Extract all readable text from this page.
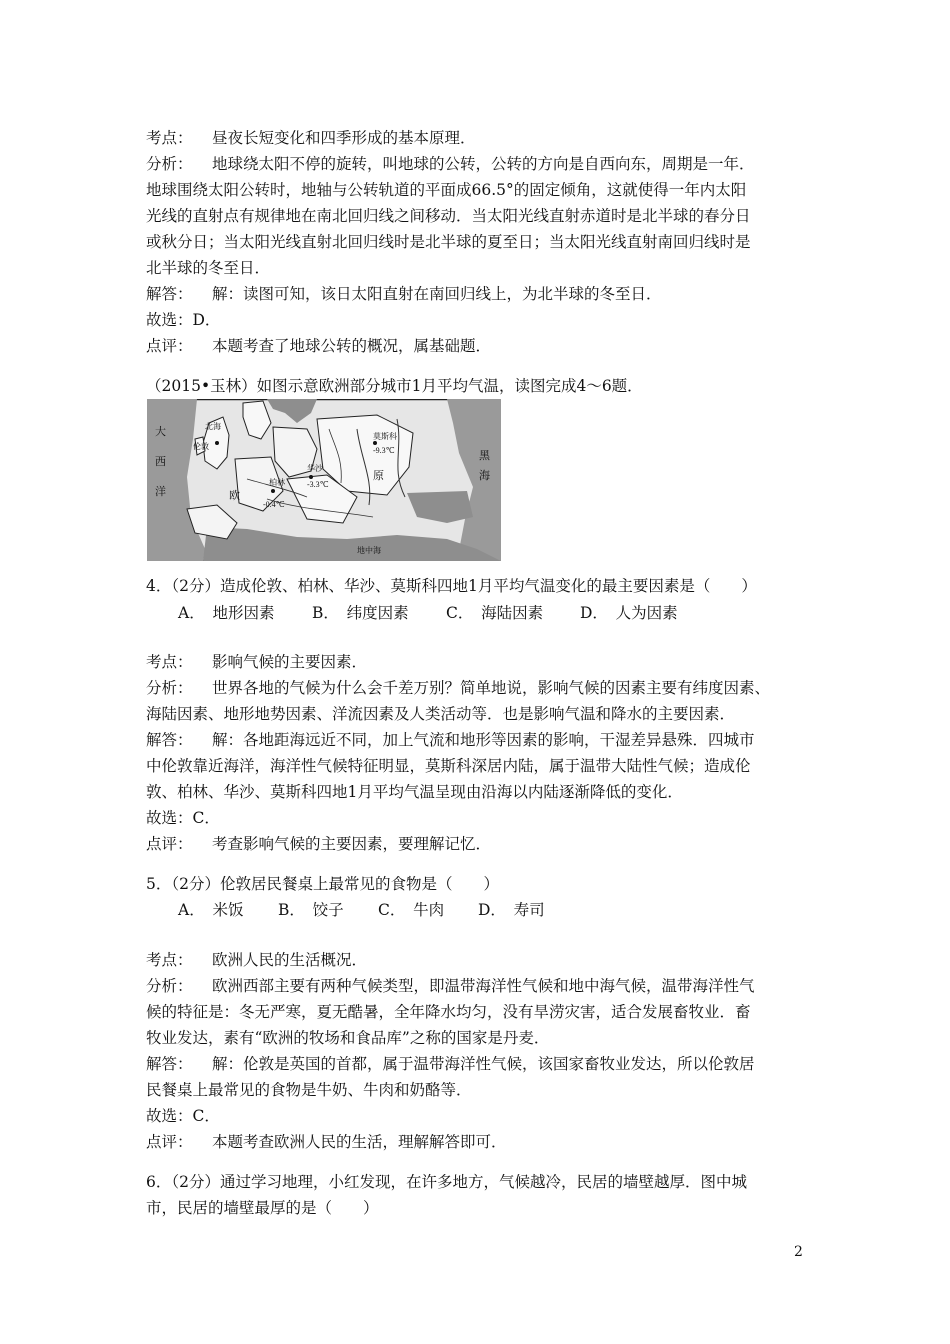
考点： 昼夜长短变化和四季形成的基本原理．
分析： 地球绕太阳不停的旋转，叫地球的公转，公转的方向是自西向东，周期是一年．
地球围绕太阳公转时，地轴与公转轨道的平面成66.5°的固定倾角，这就使得一年内太阳
光线的直射点有规律地在南北回归线之间移动．当太阳光线直射赤道时是北半球的春分日
或秋分日；当太阳光线直射北回归线时是北半球的夏至日；当太阳光线直射南回归线时是
北半球的冬至日．
解答： 解：读图可知，该日太阳直射在南回归线上，为北半球的冬至日．
故选：D．
点评： 本题考查了地球公转的概况，属基础题．
（2015•玉林）如图示意欧洲部分城市1月平均气温，读图完成4～6题．
大
西
洋
北海
伦敦
欧
柏林
华沙
-0.4℃
莫斯科
-9.3℃
-3.3℃
黑
海
原
地中海
4．（2分）造成伦敦、柏林、华沙、莫斯科四地1月平均气温变化的最主要因素是（　　）
A．　地形因素 B．　纬度因素 C．　海陆因素 D．　人为因素
考点： 影响气候的主要因素．
分析： 世界各地的气候为什么会千差万别？简单地说，影响气候的因素主要有纬度因素、
海陆因素、地形地势因素、洋流因素及人类活动等．也是影响气温和降水的主要因素．
解答： 解：各地距海远近不同，加上气流和地形等因素的影响，干湿差异悬殊．四城市
中伦敦靠近海洋，海洋性气候特征明显，莫斯科深居内陆，属于温带大陆性气候；造成伦
敦、柏林、华沙、莫斯科四地1月平均气温呈现由沿海以内陆逐渐降低的变化．
故选：C．
点评： 考查影响气候的主要因素，要理解记忆．
5．（2分）伦敦居民餐桌上最常见的食物是（　　）
A．　米饭 B．　饺子 C．　牛肉 D．　寿司
考点： 欧洲人民的生活概况．
分析： 欧洲西部主要有两种气候类型，即温带海洋性气候和地中海气候，温带海洋性气
候的特征是：冬无严寒，夏无酷暑，全年降水均匀，没有旱涝灾害，适合发展畜牧业．畜
牧业发达，素有“欧洲的牧场和食品库”之称的国家是丹麦．
解答： 解：伦敦是英国的首都，属于温带海洋性气候，该国家畜牧业发达，所以伦敦居
民餐桌上最常见的食物是牛奶、牛肉和奶酪等．
故选：C．
点评： 本题考查欧洲人民的生活，理解解答即可．
6．（2分）通过学习地理，小红发现，在许多地方，气候越冷，民居的墙壁越厚．图中城
市，民居的墙壁最厚的是（　　）
2
